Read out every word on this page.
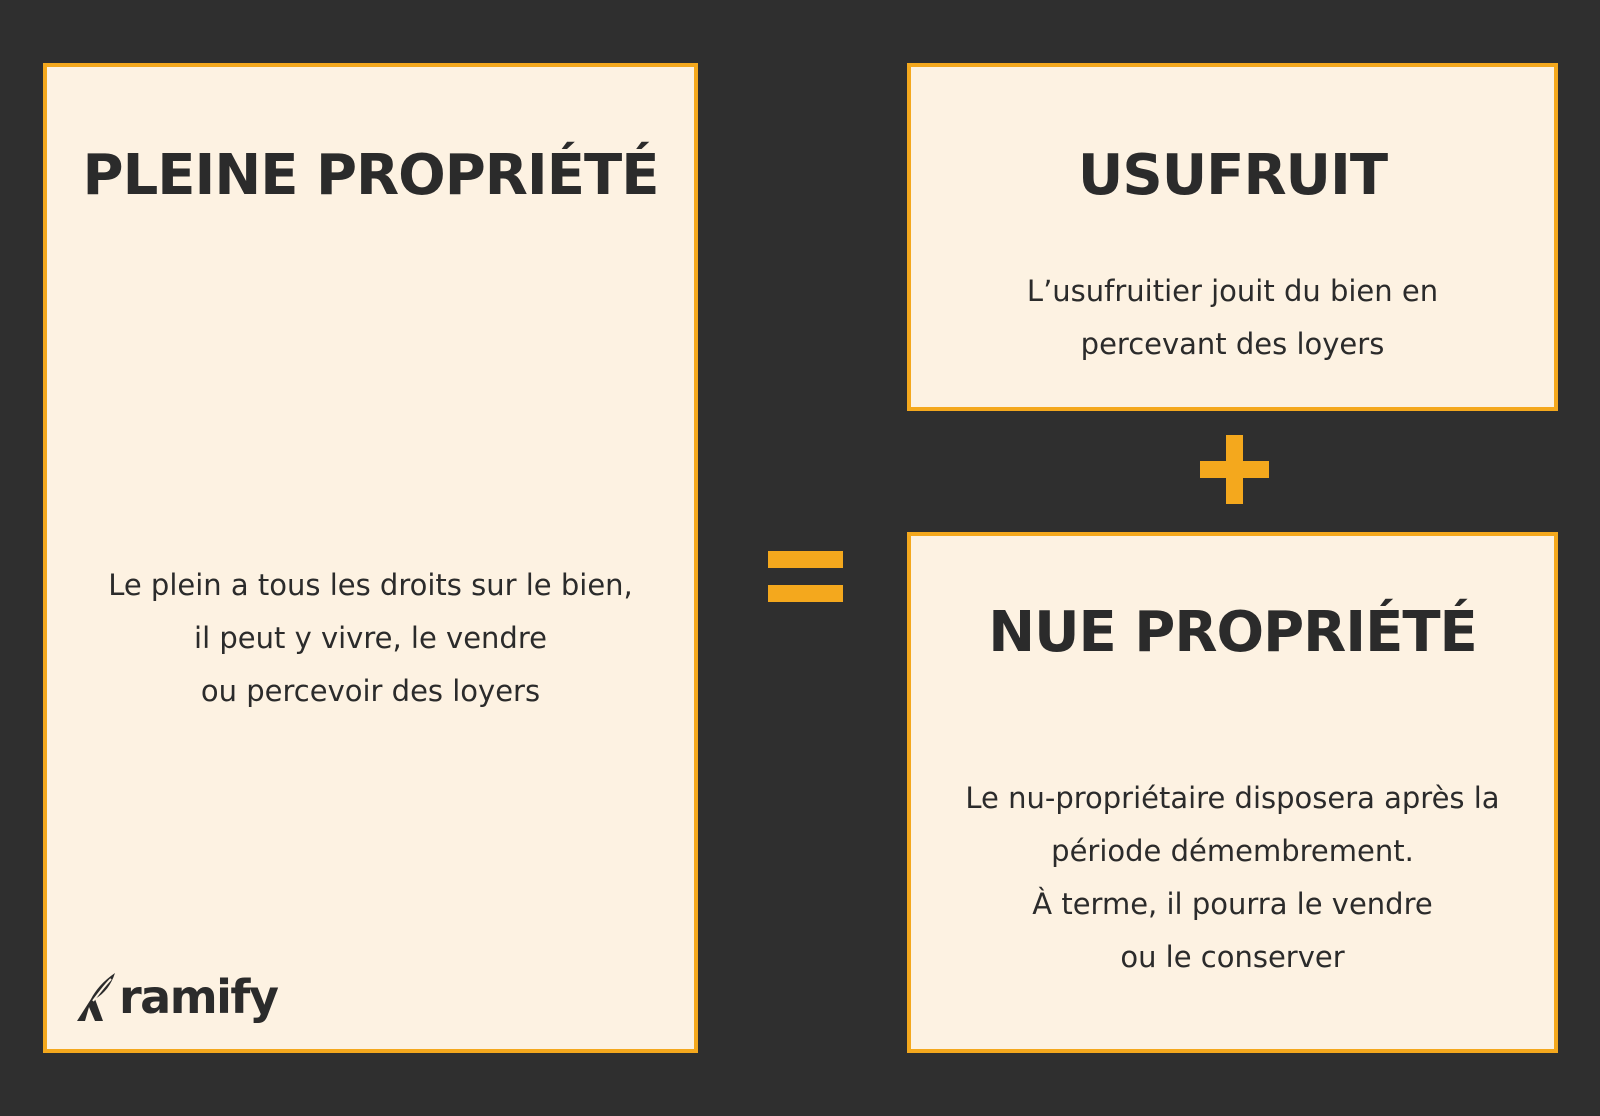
PLEINE PROPRIÉTÉ
Le plein a tous les droits sur le bien,
il peut y vivre, le vendre
ou percevoir des loyers
ramify
USUFRUIT
L’usufruitier jouit du bien en
percevant des loyers
NUE PROPRIÉTÉ
Le nu-propriétaire disposera après la
période démembrement.
À terme, il pourra le vendre
ou le conserver
